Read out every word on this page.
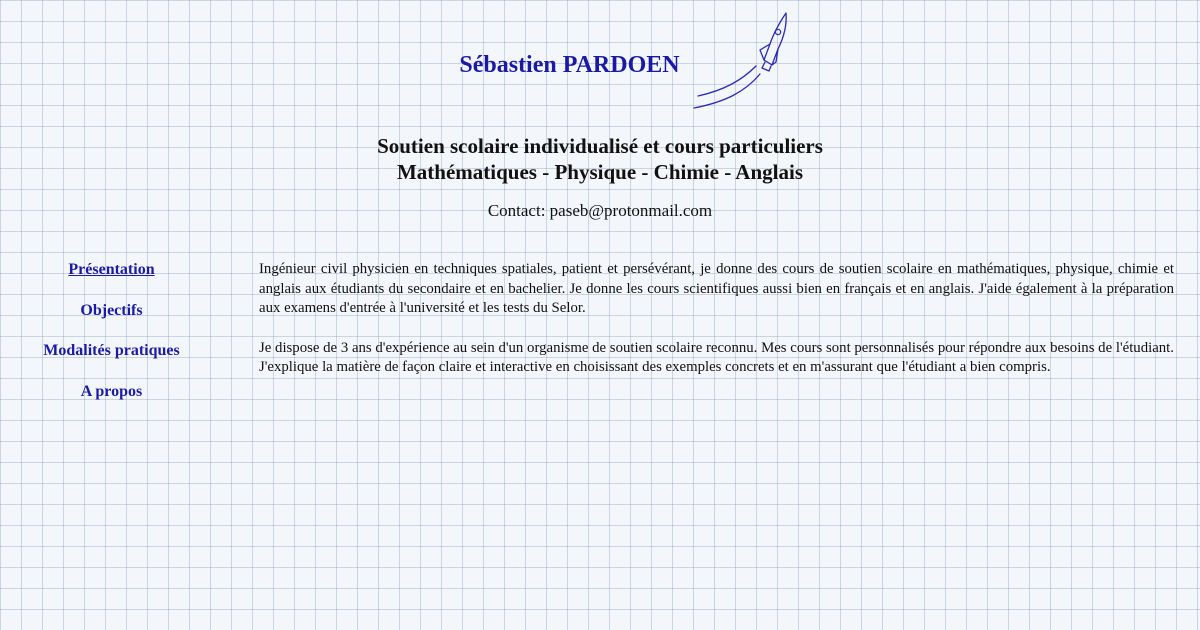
Sébastien PARDOEN
Soutien scolaire individualisé et cours particuliers
Mathématiques - Physique - Chimie - Anglais
Contact: paseb@protonmail.com
Présentation
Objectifs
Modalités pratiques
A propos

Ingénieur civil physicien en techniques spatiales, patient et persévérant, je donne des cours de soutien scolaire en mathématiques, physique, chimie et anglais aux étudiants du secondaire et en bachelier. Je donne les cours scientifiques aussi bien en français et en anglais. J'aide également à la préparation aux examens d'entrée à l'université et les tests du Selor.

Je dispose de 3 ans d'expérience au sein d'un organisme de soutien scolaire reconnu. Mes cours sont personnalisés pour répondre aux besoins de l'étudiant. J'explique la matière de façon claire et interactive en choisissant des exemples concrets et en m'assurant que l'étudiant a bien compris.
